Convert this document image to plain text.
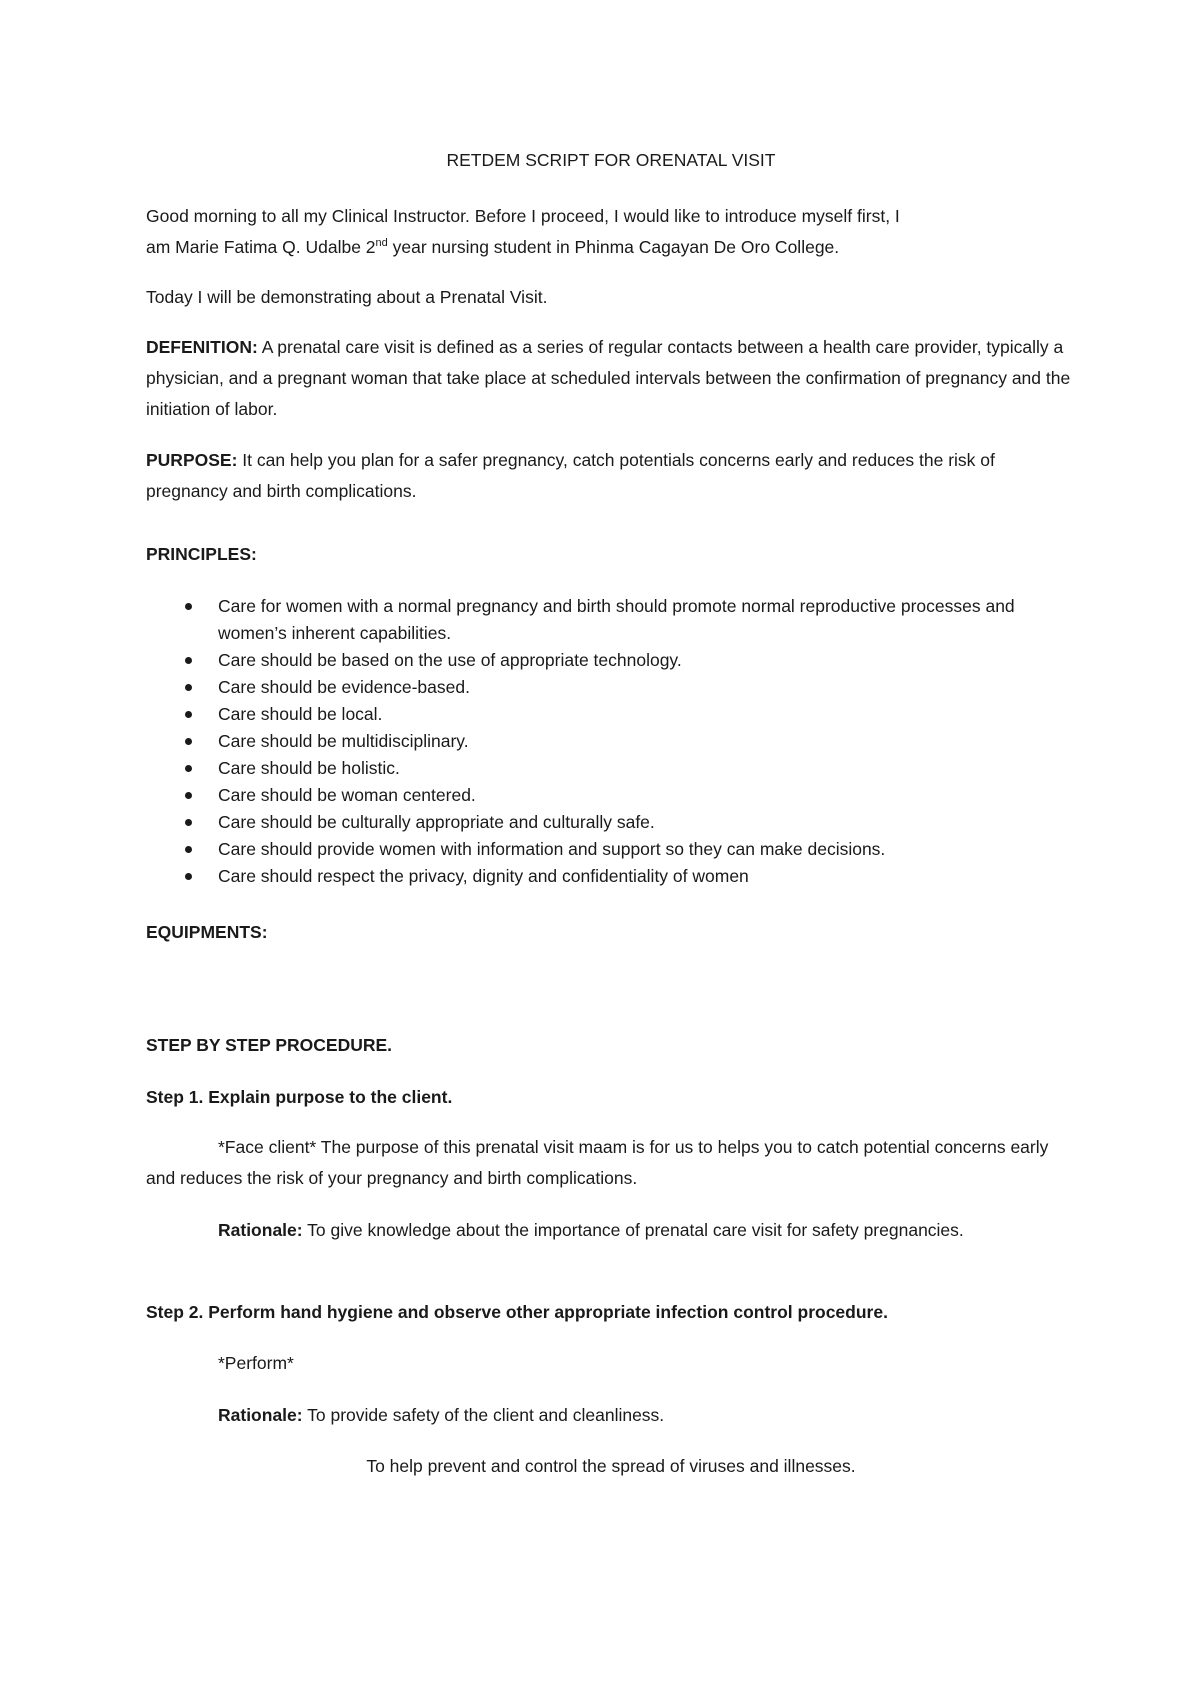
RETDEM SCRIPT FOR ORENATAL VISIT

Good morning to all my Clinical Instructor. Before I proceed, I would like to introduce myself first, I
am Marie Fatima Q. Udalbe 2nd year nursing student in Phinma Cagayan De Oro College.

Today I will be demonstrating about a Prenatal Visit.

DEFENITION: A prenatal care visit is defined as a series of regular contacts between a health care provider, typically a physician, and a pregnant woman that take place at scheduled intervals between the confirmation of pregnancy and the initiation of labor.

PURPOSE: It can help you plan for a safer pregnancy, catch potentials concerns early and reduces the risk of pregnancy and birth complications.

PRINCIPLES:

Care for women with a normal pregnancy and birth should promote normal reproductive processes and women’s inherent capabilities.
Care should be based on the use of appropriate technology.
Care should be evidence-based.
Care should be local.
Care should be multidisciplinary.
Care should be holistic.
Care should be woman centered.
Care should be culturally appropriate and culturally safe.
Care should provide women with information and support so they can make decisions.
Care should respect the privacy, dignity and confidentiality of women

EQUIPMENTS:

STEP BY STEP PROCEDURE.

Step 1. Explain purpose to the client.

*Face client* The purpose of this prenatal visit maam is for us to helps you to catch potential concerns early and reduces the risk of your pregnancy and birth complications.

Rationale: To give knowledge about the importance of prenatal care visit for safety pregnancies.

Step 2. Perform hand hygiene and observe other appropriate infection control procedure.

*Perform*

Rationale: To provide safety of the client and cleanliness.

To help prevent and control the spread of viruses and illnesses.
